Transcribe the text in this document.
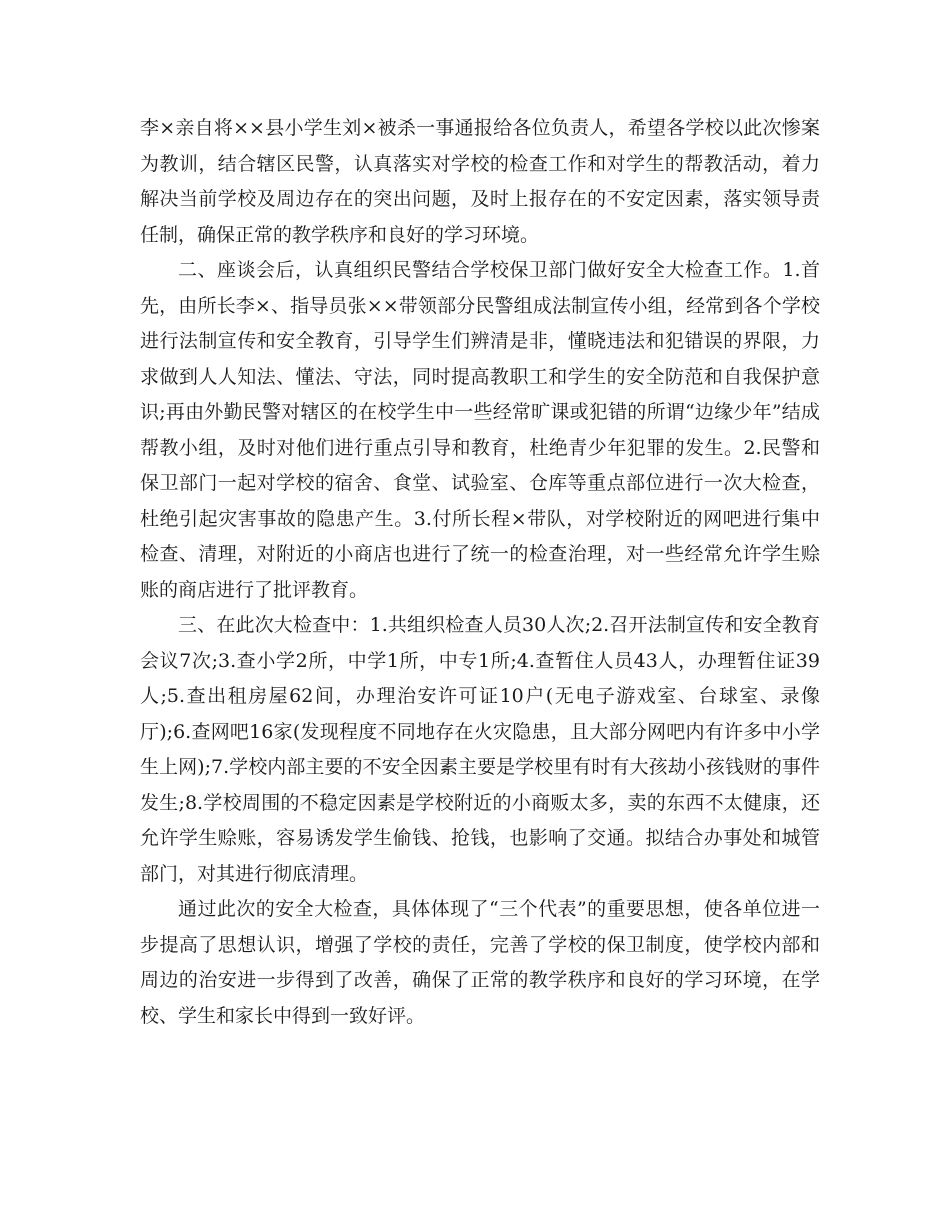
李×亲自将××县小学生刘×被杀一事通报给各位负责人，希望各学校以此次惨案为教训，结合辖区民警，认真落实对学校的检查工作和对学生的帮教活动，着力解决当前学校及周边存在的突出问题，及时上报存在的不安定因素，落实领导责任制，确保正常的教学秩序和良好的学习环境。

二、座谈会后，认真组织民警结合学校保卫部门做好安全大检查工作。1.首先，由所长李×、指导员张××带领部分民警组成法制宣传小组，经常到各个学校进行法制宣传和安全教育，引导学生们辨清是非，懂晓违法和犯错误的界限，力求做到人人知法、懂法、守法，同时提高教职工和学生的安全防范和自我保护意识;再由外勤民警对辖区的在校学生中一些经常旷课或犯错的所谓“边缘少年”结成帮教小组，及时对他们进行重点引导和教育，杜绝青少年犯罪的发生。2.民警和保卫部门一起对学校的宿舍、食堂、试验室、仓库等重点部位进行一次大检查，杜绝引起灾害事故的隐患产生。3.付所长程×带队，对学校附近的网吧进行集中检查、清理，对附近的小商店也进行了统一的检查治理，对一些经常允许学生赊账的商店进行了批评教育。

三、在此次大检查中：1.共组织检查人员30人次;2.召开法制宣传和安全教育会议7次;3.查小学2所，中学1所，中专1所;4.查暂住人员43人，办理暂住证39人;5.查出租房屋62间，办理治安许可证10户(无电子游戏室、台球室、录像厅);6.查网吧16家(发现程度不同地存在火灾隐患，且大部分网吧内有许多中小学生上网);7.学校内部主要的不安全因素主要是学校里有时有大孩劫小孩钱财的事件发生;8.学校周围的不稳定因素是学校附近的小商贩太多，卖的东西不太健康，还允许学生赊账，容易诱发学生偷钱、抢钱，也影响了交通。拟结合办事处和城管部门，对其进行彻底清理。

通过此次的安全大检查，具体体现了“三个代表”的重要思想，使各单位进一步提高了思想认识，增强了学校的责任，完善了学校的保卫制度，使学校内部和周边的治安进一步得到了改善，确保了正常的教学秩序和良好的学习环境，在学校、学生和家长中得到一致好评。
